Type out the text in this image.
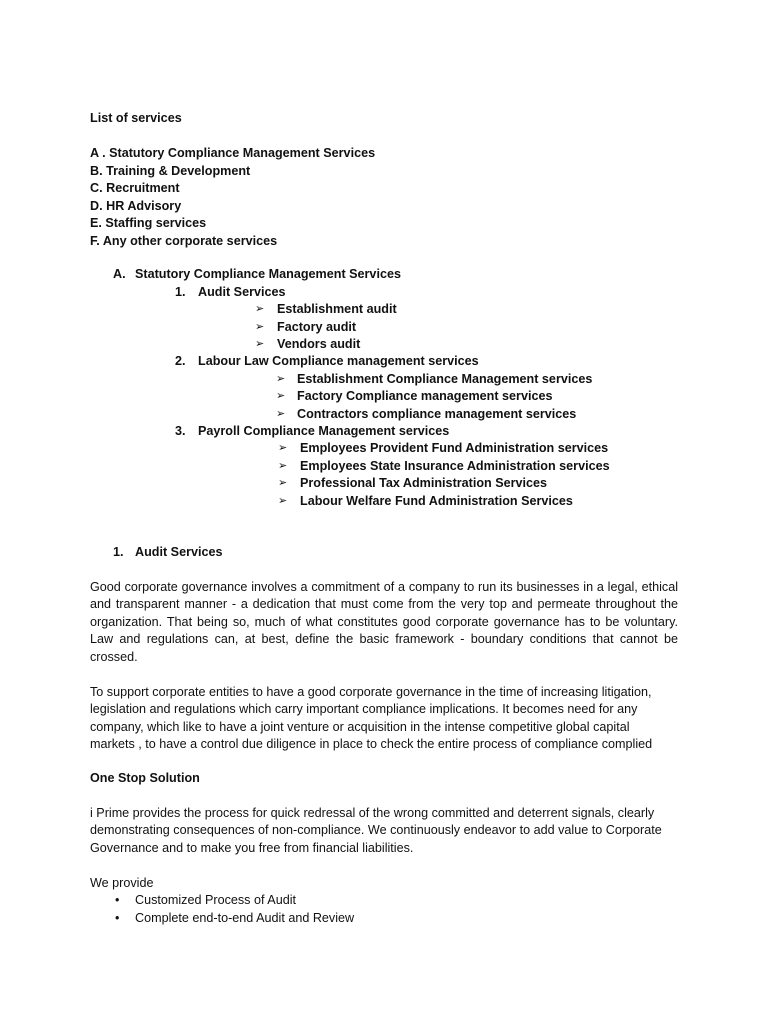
List of services
A . Statutory Compliance Management Services
B. Training & Development
C. Recruitment
D. HR Advisory
E. Staffing services
F. Any other corporate services
A. Statutory Compliance Management Services
1. Audit Services
➢ Establishment audit
➢ Factory audit
➢ Vendors audit
2. Labour Law Compliance management services
➢ Establishment Compliance Management services
➢ Factory Compliance management services
➢ Contractors compliance management services
3. Payroll Compliance Management services
➢ Employees Provident Fund Administration services
➢ Employees State Insurance Administration services
➢ Professional Tax Administration Services
➢ Labour Welfare Fund Administration Services
1. Audit Services
Good corporate governance involves a commitment of a company to run its businesses in a legal, ethical
and transparent manner - a dedication that must come from the very top and permeate throughout the
organization. That being so, much of what constitutes good corporate governance has to be voluntary.
Law and regulations can, at best, define the basic framework - boundary conditions that cannot be
crossed.
To support corporate entities to have a good corporate governance in the time of increasing litigation,
legislation and regulations which carry important compliance implications. It becomes need for any
company, which like to have a joint venture or acquisition in the intense competitive global capital
markets , to have a control due diligence in place to check the entire process of compliance complied
One Stop Solution
i Prime provides the process for quick redressal of the wrong committed and deterrent signals, clearly
demonstrating consequences of non-compliance. We continuously endeavor to add value to Corporate
Governance and to make you free from financial liabilities.
We provide
• Customized Process of Audit
• Complete end-to-end Audit and Review
